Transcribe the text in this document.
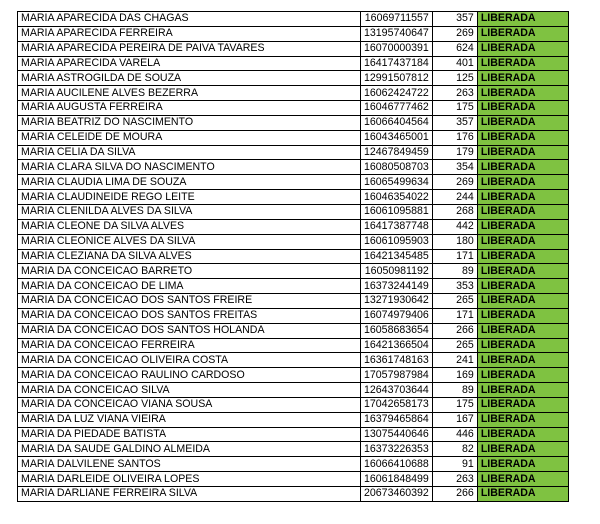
MARIA APARECIDA DAS CHAGAS	16069711557	357	LIBERADA
MARIA APARECIDA FERREIRA	13195740647	269	LIBERADA
MARIA APARECIDA PEREIRA DE PAIVA TAVARES	16070000391	624	LIBERADA
MARIA APARECIDA VARELA	16417437184	401	LIBERADA
MARIA ASTROGILDA DE SOUZA	12991507812	125	LIBERADA
MARIA AUCILENE ALVES BEZERRA	16062424722	263	LIBERADA
MARIA AUGUSTA FERREIRA	16046777462	175	LIBERADA
MARIA BEATRIZ DO NASCIMENTO	16066404564	357	LIBERADA
MARIA CELEIDE DE MOURA	16043465001	176	LIBERADA
MARIA CELIA DA SILVA	12467849459	179	LIBERADA
MARIA CLARA SILVA DO NASCIMENTO	16080508703	354	LIBERADA
MARIA CLAUDIA LIMA DE SOUZA	16065499634	269	LIBERADA
MARIA CLAUDINEIDE REGO LEITE	16046354022	244	LIBERADA
MARIA CLENILDA ALVES DA SILVA	16061095881	268	LIBERADA
MARIA CLEONE DA SILVA ALVES	16417387748	442	LIBERADA
MARIA CLEONICE ALVES DA SILVA	16061095903	180	LIBERADA
MARIA CLEZIANA DA SILVA ALVES	16421345485	171	LIBERADA
MARIA DA CONCEICAO BARRETO	16050981192	89	LIBERADA
MARIA DA CONCEICAO DE LIMA	16373244149	353	LIBERADA
MARIA DA CONCEICAO DOS SANTOS FREIRE	13271930642	265	LIBERADA
MARIA DA CONCEICAO DOS SANTOS FREITAS	16074979406	171	LIBERADA
MARIA DA CONCEICAO DOS SANTOS HOLANDA	16058683654	266	LIBERADA
MARIA DA CONCEICAO FERREIRA	16421366504	265	LIBERADA
MARIA DA CONCEICAO OLIVEIRA COSTA	16361748163	241	LIBERADA
MARIA DA CONCEICAO RAULINO CARDOSO	17057987984	169	LIBERADA
MARIA DA CONCEICAO SILVA	12643703644	89	LIBERADA
MARIA DA CONCEICAO VIANA SOUSA	17042658173	175	LIBERADA
MARIA DA LUZ VIANA VIEIRA	16379465864	167	LIBERADA
MARIA DA PIEDADE BATISTA	13075440646	446	LIBERADA
MARIA DA SAUDE GALDINO ALMEIDA	16373226353	82	LIBERADA
MARIA DALVILENE SANTOS	16066410688	91	LIBERADA
MARIA DARLEIDE OLIVEIRA LOPES	16061848499	263	LIBERADA
MARIA DARLIANE FERREIRA SILVA	20673460392	266	LIBERADA
